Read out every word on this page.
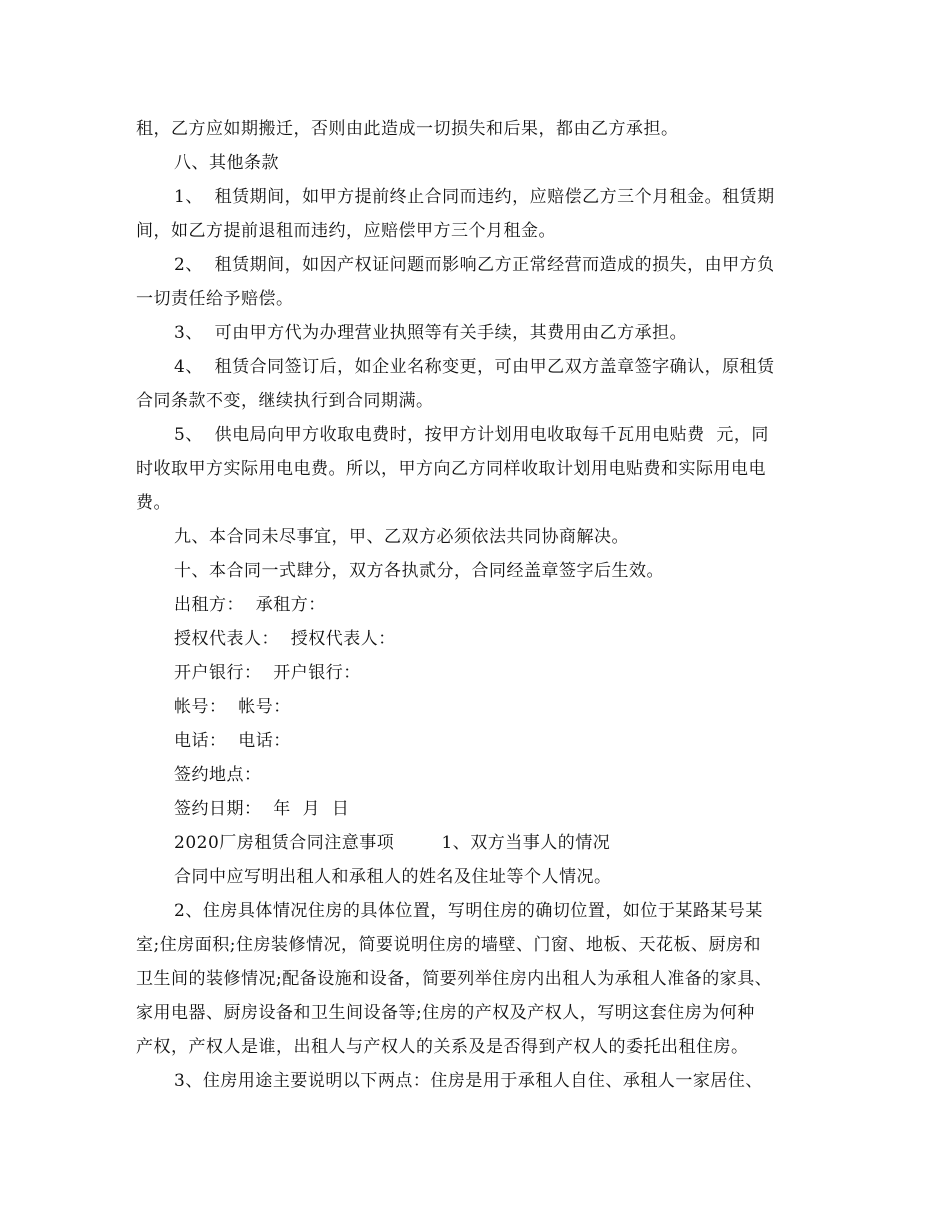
租，乙方应如期搬迁，否则由此造成一切损失和后果，都由乙方承担。
八、其他条款
1、  租赁期间，如甲方提前终止合同而违约，应赔偿乙方三个月租金。租赁期
间，如乙方提前退租而违约，应赔偿甲方三个月租金。
2、  租赁期间，如因产权证问题而影响乙方正常经营而造成的损失，由甲方负
一切责任给予赔偿。
3、  可由甲方代为办理营业执照等有关手续，其费用由乙方承担。
4、  租赁合同签订后，如企业名称变更，可由甲乙双方盖章签字确认，原租赁
合同条款不变，继续执行到合同期满。
5、  供电局向甲方收取电费时，按甲方计划用电收取每千瓦用电贴费  元，同
时收取甲方实际用电电费。所以，甲方向乙方同样收取计划用电贴费和实际用电电
费。
九、本合同未尽事宜，甲、乙双方必须依法共同协商解决。
十、本合同一式肆分，双方各执贰分，合同经盖章签字后生效。
出租方：  承租方：
授权代表人：  授权代表人：
开户银行：  开户银行：
帐号：  帐号：
电话：  电话：
签约地点：
签约日期：  年  月  日
2020厂房租赁合同注意事项        1、双方当事人的情况
合同中应写明出租人和承租人的姓名及住址等个人情况。
2、住房具体情况住房的具体位置，写明住房的确切位置，如位于某路某号某
室;住房面积;住房装修情况，简要说明住房的墙壁、门窗、地板、天花板、厨房和
卫生间的装修情况;配备设施和设备，简要列举住房内出租人为承租人准备的家具、
家用电器、厨房设备和卫生间设备等;住房的产权及产权人，写明这套住房为何种
产权，产权人是谁，出租人与产权人的关系及是否得到产权人的委托出租住房。
3、住房用途主要说明以下两点：住房是用于承租人自住、承租人一家居住、
